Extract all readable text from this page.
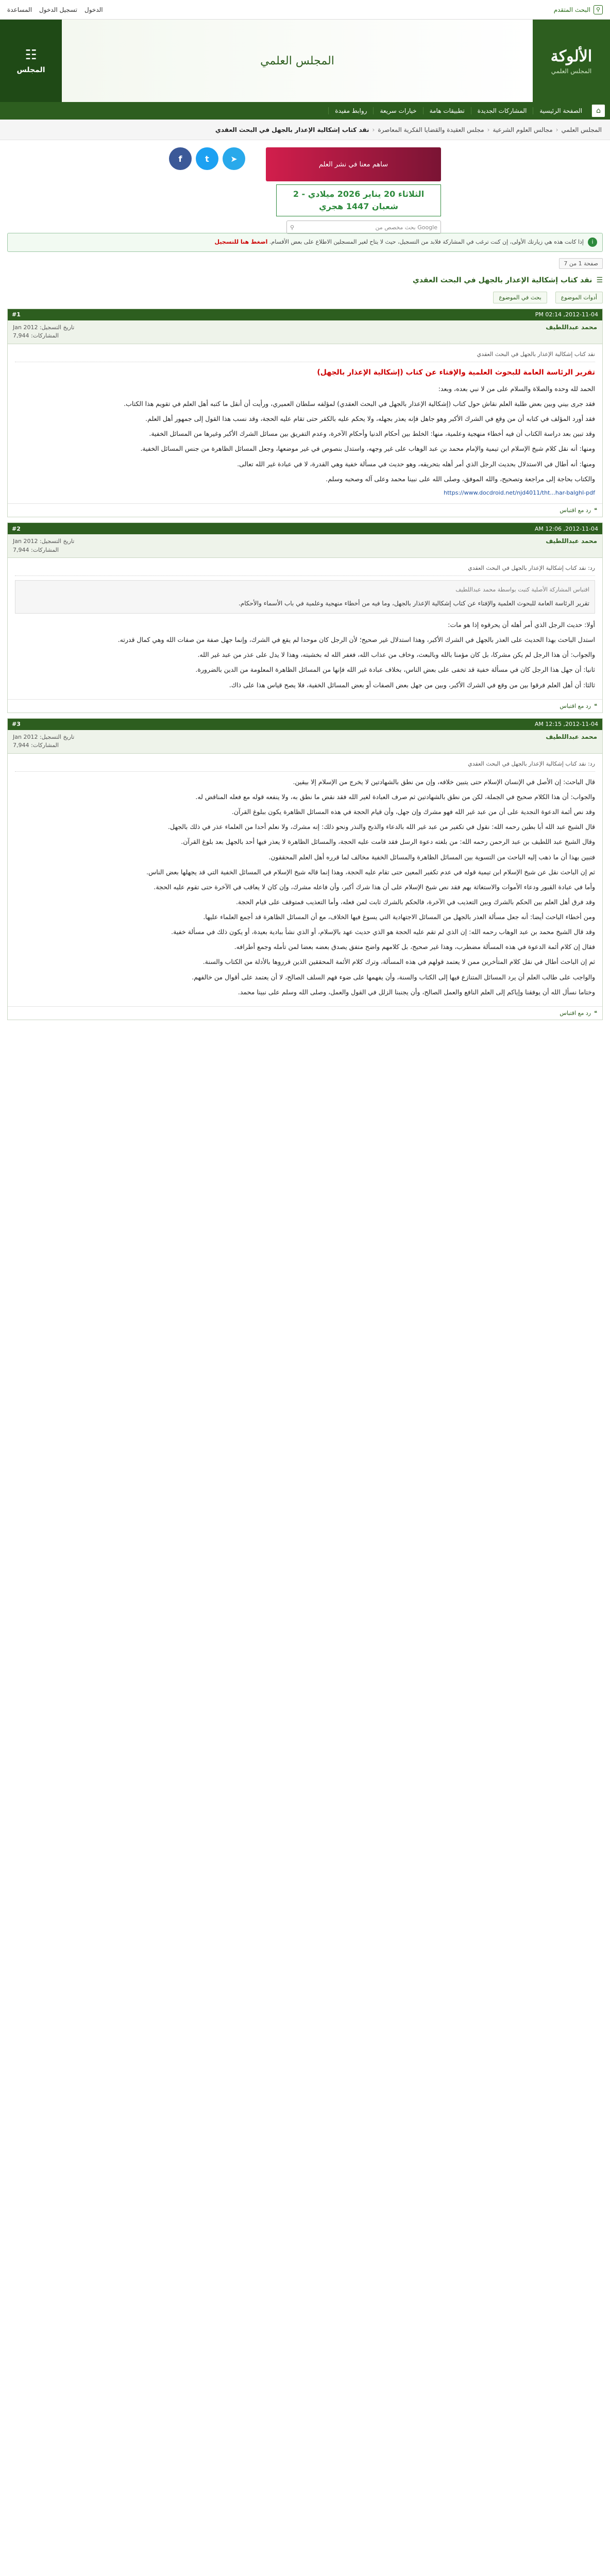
⚲
البحث المتقدم
الدخول
تسجيل الدخول
المساعدة
الألوكة
المجلس العلمي
المجلس العلمي
☷
المجلس
⌂
الصفحة الرئيسية
المشاركات الجديدة
تطبيقات هامة
خيارات سريعة
روابط مفيدة
المجلس العلمي
‹
مجالس العلوم الشرعية
‹
مجلس العقيدة والقضايا الفكرية المعاصرة
‹
نقد كتاب إشكالية الإعذار بالجهل في البحث العقدي
ساهم معنا في نشر العلم
الثلاثاء 20 يناير 2026 ميلادي - 2 شعبان 1447 هجري
Google بحث مخصص من
⚲
➤
t
f
i
إذا كانت هذه هي زيارتك الأولى، إن كنت ترغب في المشاركة فلابد من التسجيل، حيث لا يتاح لغير المسجلين الاطلاع على بعض الأقسام. اضغط هنا للتسجيل
صفحة 1 من 7
☰
نقد كتاب إشكالية الإعذار بالجهل في البحث العقدي
أدوات الموضوع
بحث في الموضوع
2012-11-04, 02:14 PM
#1
محمد عبداللطيف
تاريخ التسجيل: Jan 2012
المشاركات: 7,944
نقد كتاب إشكالية الإعذار بالجهل في البحث العقدي

تقرير الرئاسة العامة للبحوث العلمية والإفتاء عن كتاب (إشكالية الإعذار بالجهل)

الحمد لله وحده والصلاة والسلام على من لا نبي بعده، وبعد:

فقد جرى بيني وبين بعض طلبة العلم نقاش حول كتاب (إشكالية الإعذار بالجهل في البحث العقدي) لمؤلفه سلطان العميري، ورأيت أن أنقل ما كتبه أهل العلم في تقويم هذا الكتاب.

فقد أورد المؤلف في كتابه أن من وقع في الشرك الأكبر وهو جاهل فإنه يعذر بجهله، ولا يحكم عليه بالكفر حتى تقام عليه الحجة، وقد نسب هذا القول إلى جمهور أهل العلم.

وقد تبين بعد دراسة الكتاب أن فيه أخطاء منهجية وعلمية، منها: الخلط بين أحكام الدنيا وأحكام الآخرة، وعدم التفريق بين مسائل الشرك الأكبر وغيرها من المسائل الخفية.

ومنها: أنه نقل كلام شيخ الإسلام ابن تيمية والإمام محمد بن عبد الوهاب على غير وجهه، واستدل بنصوص في غير موضعها، وجعل المسائل الظاهرة من جنس المسائل الخفية.

ومنها: أنه أطال في الاستدلال بحديث الرجل الذي أمر أهله بتحريقه، وهو حديث في مسألة خفية وهي القدرة، لا في عبادة غير الله تعالى.

والكتاب بحاجة إلى مراجعة وتصحيح، والله الموفق، وصلى الله على نبينا محمد وعلى آله وصحبه وسلم.

https://www.docdroid.net/njd4011/tht...har-balghl-pdf
❝
رد مع اقتباس
2012-11-04, 12:06 AM
#2
محمد عبداللطيف
تاريخ التسجيل: Jan 2012
المشاركات: 7,944
رد: نقد كتاب إشكالية الإعذار بالجهل في البحث العقدي
اقتباس المشاركة الأصلية كتبت بواسطة محمد عبداللطيف
تقرير الرئاسة العامة للبحوث العلمية والإفتاء عن كتاب إشكالية الإعذار بالجهل، وما فيه من أخطاء منهجية وعلمية في باب الأسماء والأحكام.

أولا: حديث الرجل الذي أمر أهله أن يحرقوه إذا هو مات:

استدل الباحث بهذا الحديث على العذر بالجهل في الشرك الأكبر، وهذا استدلال غير صحيح؛ لأن الرجل كان موحدا لم يقع في الشرك، وإنما جهل صفة من صفات الله وهي كمال قدرته.

والجواب: أن هذا الرجل لم يكن مشركا، بل كان مؤمنا بالله وبالبعث، وخاف من عذاب الله، فغفر الله له بخشيته، وهذا لا يدل على عذر من عبد غير الله.

ثانيا: أن جهل هذا الرجل كان في مسألة خفية قد تخفى على بعض الناس، بخلاف عبادة غير الله فإنها من المسائل الظاهرة المعلومة من الدين بالضرورة.

ثالثا: أن أهل العلم فرقوا بين من وقع في الشرك الأكبر، وبين من جهل بعض الصفات أو بعض المسائل الخفية، فلا يصح قياس هذا على ذاك.

❝
رد مع اقتباس
2012-11-04, 12:15 AM
#3
محمد عبداللطيف
تاريخ التسجيل: Jan 2012
المشاركات: 7,944
رد: نقد كتاب إشكالية الإعذار بالجهل في البحث العقدي

قال الباحث: إن الأصل في الإنسان الإسلام حتى يتبين خلافه، وإن من نطق بالشهادتين لا يخرج من الإسلام إلا بيقين.

والجواب: أن هذا الكلام صحيح في الجملة، لكن من نطق بالشهادتين ثم صرف العبادة لغير الله فقد نقض ما نطق به، ولا ينفعه قوله مع فعله المناقض له.

وقد نص أئمة الدعوة النجدية على أن من عبد غير الله فهو مشرك وإن جهل، وأن قيام الحجة في هذه المسائل الظاهرة يكون ببلوغ القرآن.

قال الشيخ عبد الله أبا بطين رحمه الله: نقول في تكفير من عبد غير الله بالدعاء والذبح والنذر ونحو ذلك: إنه مشرك، ولا نعلم أحدا من العلماء عذر في ذلك بالجهل.

وقال الشيخ عبد اللطيف بن عبد الرحمن رحمه الله: من بلغته دعوة الرسل فقد قامت عليه الحجة، والمسائل الظاهرة لا يعذر فيها أحد بالجهل بعد بلوغ القرآن.

فتبين بهذا أن ما ذهب إليه الباحث من التسوية بين المسائل الظاهرة والمسائل الخفية مخالف لما قرره أهل العلم المحققون.

ثم إن الباحث نقل عن شيخ الإسلام ابن تيمية قوله في عدم تكفير المعين حتى تقام عليه الحجة، وهذا إنما قاله شيخ الإسلام في المسائل الخفية التي قد يجهلها بعض الناس.

وأما في عبادة القبور ودعاء الأموات والاستغاثة بهم فقد نص شيخ الإسلام على أن هذا شرك أكبر، وأن فاعله مشرك، وإن كان لا يعاقب في الآخرة حتى تقوم عليه الحجة.

وقد فرق أهل العلم بين الحكم بالشرك وبين التعذيب في الآخرة، فالحكم بالشرك ثابت لمن فعله، وأما التعذيب فمتوقف على قيام الحجة.

ومن أخطاء الباحث أيضا: أنه جعل مسألة العذر بالجهل من المسائل الاجتهادية التي يسوغ فيها الخلاف، مع أن المسائل الظاهرة قد أجمع العلماء عليها.

وقد قال الشيخ محمد بن عبد الوهاب رحمه الله: إن الذي لم تقم عليه الحجة هو الذي حديث عهد بالإسلام، أو الذي نشأ ببادية بعيدة، أو يكون ذلك في مسألة خفية.

فقال إن كلام أئمة الدعوة في هذه المسألة مضطرب، وهذا غير صحيح، بل كلامهم واضح متفق يصدق بعضه بعضا لمن تأمله وجمع أطرافه.

ثم إن الباحث أطال في نقل كلام المتأخرين ممن لا يعتمد قولهم في هذه المسألة، وترك كلام الأئمة المحققين الذين قرروها بالأدلة من الكتاب والسنة.

والواجب على طالب العلم أن يرد المسائل المتنازع فيها إلى الكتاب والسنة، وأن يفهمها على ضوء فهم السلف الصالح، لا أن يعتمد على أقوال من خالفهم.

وختاما نسأل الله أن يوفقنا وإياكم إلى العلم النافع والعمل الصالح، وأن يجنبنا الزلل في القول والعمل، وصلى الله وسلم على نبينا محمد.

❝
رد مع اقتباس
